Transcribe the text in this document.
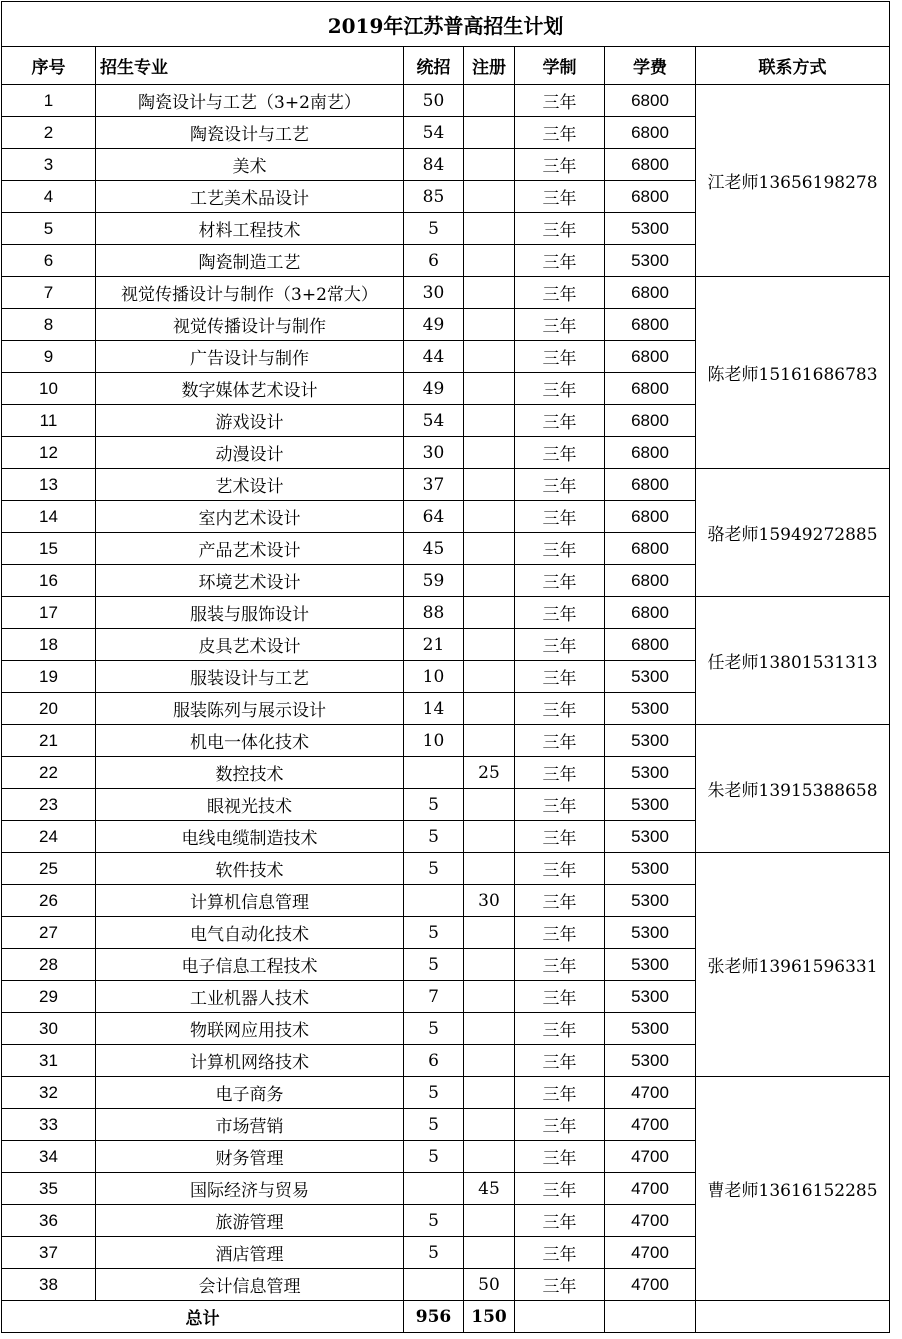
2019年江苏普高招生计划						
序号	招生专业	统招	注册	学制	学费	联系方式
1	陶瓷设计与工艺（3+2南艺）	50		三年	6800	江老师13656198278
2	陶瓷设计与工艺	54		三年	6800	
3	美术	84		三年	6800	
4	工艺美术品设计	85		三年	6800	
5	材料工程技术	5		三年	5300	
6	陶瓷制造工艺	6		三年	5300	
7	视觉传播设计与制作（3+2常大）	30		三年	6800	陈老师15161686783
8	视觉传播设计与制作	49		三年	6800	
9	广告设计与制作	44		三年	6800	
10	数字媒体艺术设计	49		三年	6800	
11	游戏设计	54		三年	6800	
12	动漫设计	30		三年	6800	
13	艺术设计	37		三年	6800	骆老师15949272885
14	室内艺术设计	64		三年	6800	
15	产品艺术设计	45		三年	6800	
16	环境艺术设计	59		三年	6800	
17	服装与服饰设计	88		三年	6800	任老师13801531313
18	皮具艺术设计	21		三年	6800	
19	服装设计与工艺	10		三年	5300	
20	服装陈列与展示设计	14		三年	5300	
21	机电一体化技术	10		三年	5300	朱老师13915388658
22	数控技术		25	三年	5300	
23	眼视光技术	5		三年	5300	
24	电线电缆制造技术	5		三年	5300	
25	软件技术	5		三年	5300	张老师13961596331
26	计算机信息管理		30	三年	5300	
27	电气自动化技术	5		三年	5300	
28	电子信息工程技术	5		三年	5300	
29	工业机器人技术	7		三年	5300	
30	物联网应用技术	5		三年	5300	
31	计算机网络技术	6		三年	5300	
32	电子商务	5		三年	4700	曹老师13616152285
33	市场营销	5		三年	4700	
34	财务管理	5		三年	4700	
35	国际经济与贸易		45	三年	4700	
36	旅游管理	5		三年	4700	
37	酒店管理	5		三年	4700	
38	会计信息管理		50	三年	4700	
总计		956	150			
